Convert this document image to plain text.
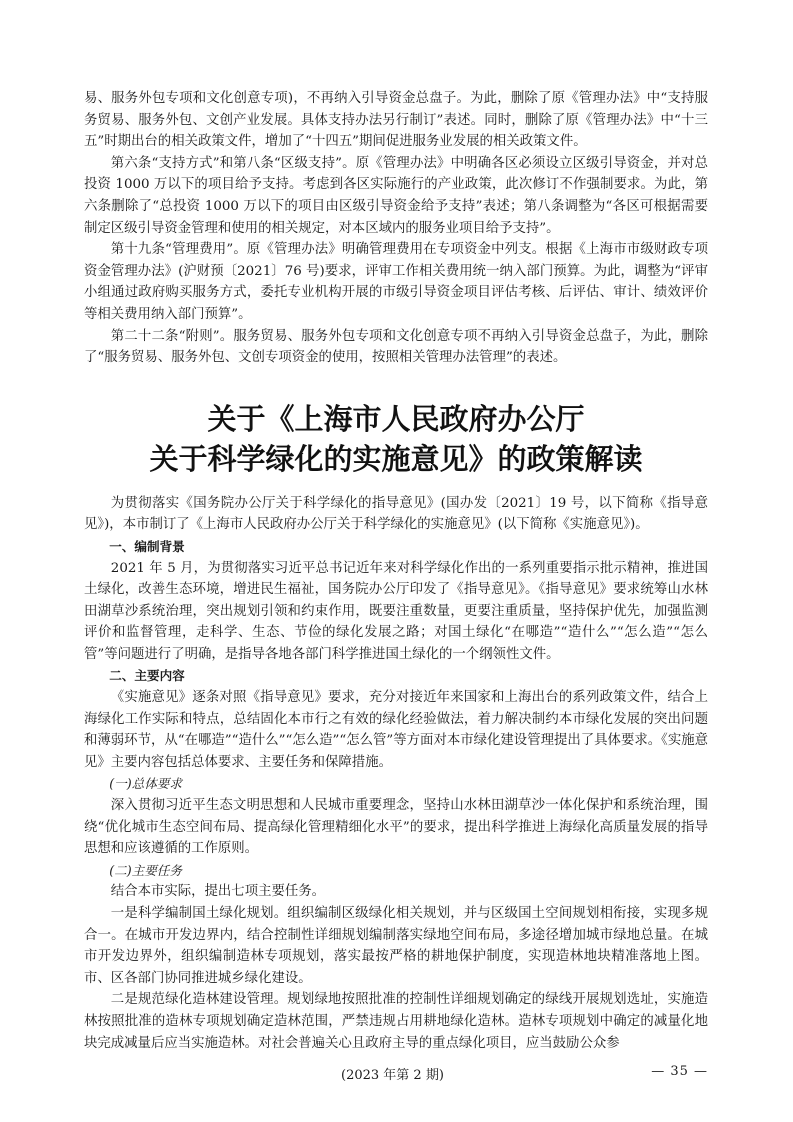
易、服务外包专项和文化创意专项)，不再纳入引导资金总盘子。为此，删除了原《管理办法》中“支持服务贸易、服务外包、文创产业发展。具体支持办法另行制订”表述。同时，删除了原《管理办法》中“十三五”时期出台的相关政策文件，增加了“十四五”期间促进服务业发展的相关政策文件。

第六条“支持方式”和第八条“区级支持”。原《管理办法》中明确各区必须设立区级引导资金，并对总投资 1000 万以下的项目给予支持。考虑到各区实际施行的产业政策，此次修订不作强制要求。为此，第六条删除了“总投资 1000 万以下的项目由区级引导资金给予支持”表述；第八条调整为“各区可根据需要制定区级引导资金管理和使用的相关规定，对本区域内的服务业项目给予支持”。

第十九条“管理费用”。原《管理办法》明确管理费用在专项资金中列支。根据《上海市市级财政专项资金管理办法》(沪财预〔2021〕76 号)要求，评审工作相关费用统一纳入部门预算。为此，调整为“评审小组通过政府购买服务方式，委托专业机构开展的市级引导资金项目评估考核、后评估、审计、绩效评价等相关费用纳入部门预算”。

第二十二条“附则”。服务贸易、服务外包专项和文化创意专项不再纳入引导资金总盘子，为此，删除了“服务贸易、服务外包、文创专项资金的使用，按照相关管理办法管理”的表述。

关于《上海市人民政府办公厅
关于科学绿化的实施意见》的政策解读

为贯彻落实《国务院办公厅关于科学绿化的指导意见》(国办发〔2021〕19 号，以下简称《指导意见》)，本市制订了《上海市人民政府办公厅关于科学绿化的实施意见》(以下简称《实施意见》)。

一、编制背景

2021 年 5 月，为贯彻落实习近平总书记近年来对科学绿化作出的一系列重要指示批示精神，推进国土绿化，改善生态环境，增进民生福祉，国务院办公厅印发了《指导意见》。《指导意见》要求统筹山水林田湖草沙系统治理，突出规划引领和约束作用，既要注重数量，更要注重质量，坚持保护优先，加强监测评价和监督管理，走科学、生态、节俭的绿化发展之路；对国土绿化“在哪造”“造什么”“怎么造”“怎么管”等问题进行了明确，是指导各地各部门科学推进国土绿化的一个纲领性文件。

二、主要内容

《实施意见》逐条对照《指导意见》要求，充分对接近年来国家和上海出台的系列政策文件，结合上海绿化工作实际和特点，总结固化本市行之有效的绿化经验做法，着力解决制约本市绿化发展的突出问题和薄弱环节，从“在哪造”“造什么”“怎么造”“怎么管”等方面对本市绿化建设管理提出了具体要求。《实施意见》主要内容包括总体要求、主要任务和保障措施。

(一)总体要求

深入贯彻习近平生态文明思想和人民城市重要理念，坚持山水林田湖草沙一体化保护和系统治理，围绕“优化城市生态空间布局、提高绿化管理精细化水平”的要求，提出科学推进上海绿化高质量发展的指导思想和应该遵循的工作原则。

(二)主要任务

结合本市实际，提出七项主要任务。

一是科学编制国土绿化规划。组织编制区级绿化相关规划，并与区级国土空间规划相衔接，实现多规合一。在城市开发边界内，结合控制性详细规划编制落实绿地空间布局，多途径增加城市绿地总量。在城市开发边界外，组织编制造林专项规划，落实最按严格的耕地保护制度，实现造林地块精准落地上图。市、区各部门协同推进城乡绿化建设。

二是规范绿化造林建设管理。规划绿地按照批准的控制性详细规划确定的绿线开展规划选址，实施造林按照批准的造林专项规划确定造林范围，严禁违规占用耕地绿化造林。造林专项规划中确定的减量化地块完成减量后应当实施造林。对社会普遍关心且政府主导的重点绿化项目，应当鼓励公众参

(2023 年第 2 期)	— 35 —
